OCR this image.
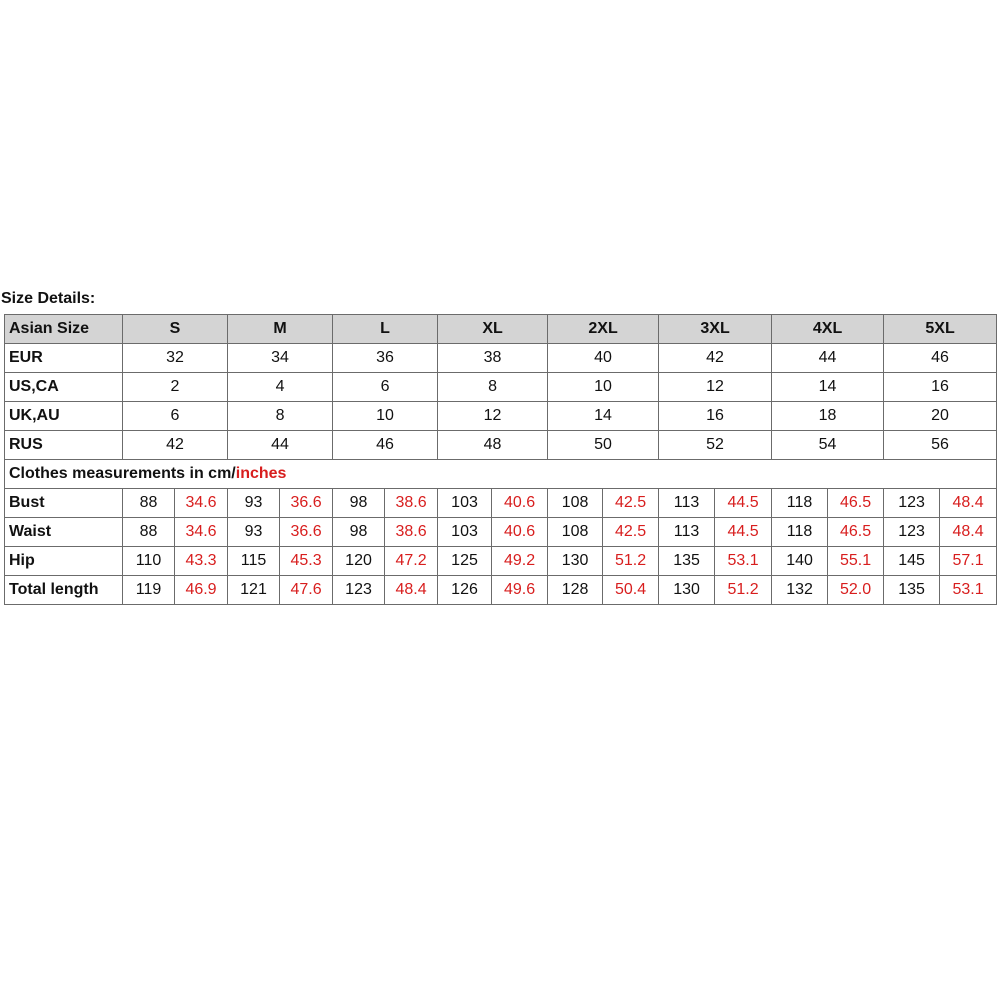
Size Details:
Asian Size	S		M		L		XL		2XL		3XL		4XL		5XL	
EUR	32		34		36		38		40		42		44		46	
US,CA	2		4		6		8		10		12		14		16	
UK,AU	6		8		10		12		14		16		18		20	
RUS	42		44		46		48		50		52		54		56	
Clothes measurements in cm/inches																
Bust	88	34.6	93	36.6	98	38.6	103	40.6	108	42.5	113	44.5	118	46.5	123	48.4
Waist	88	34.6	93	36.6	98	38.6	103	40.6	108	42.5	113	44.5	118	46.5	123	48.4
Hip	110	43.3	115	45.3	120	47.2	125	49.2	130	51.2	135	53.1	140	55.1	145	57.1
Total length	119	46.9	121	47.6	123	48.4	126	49.6	128	50.4	130	51.2	132	52.0	135	53.1
